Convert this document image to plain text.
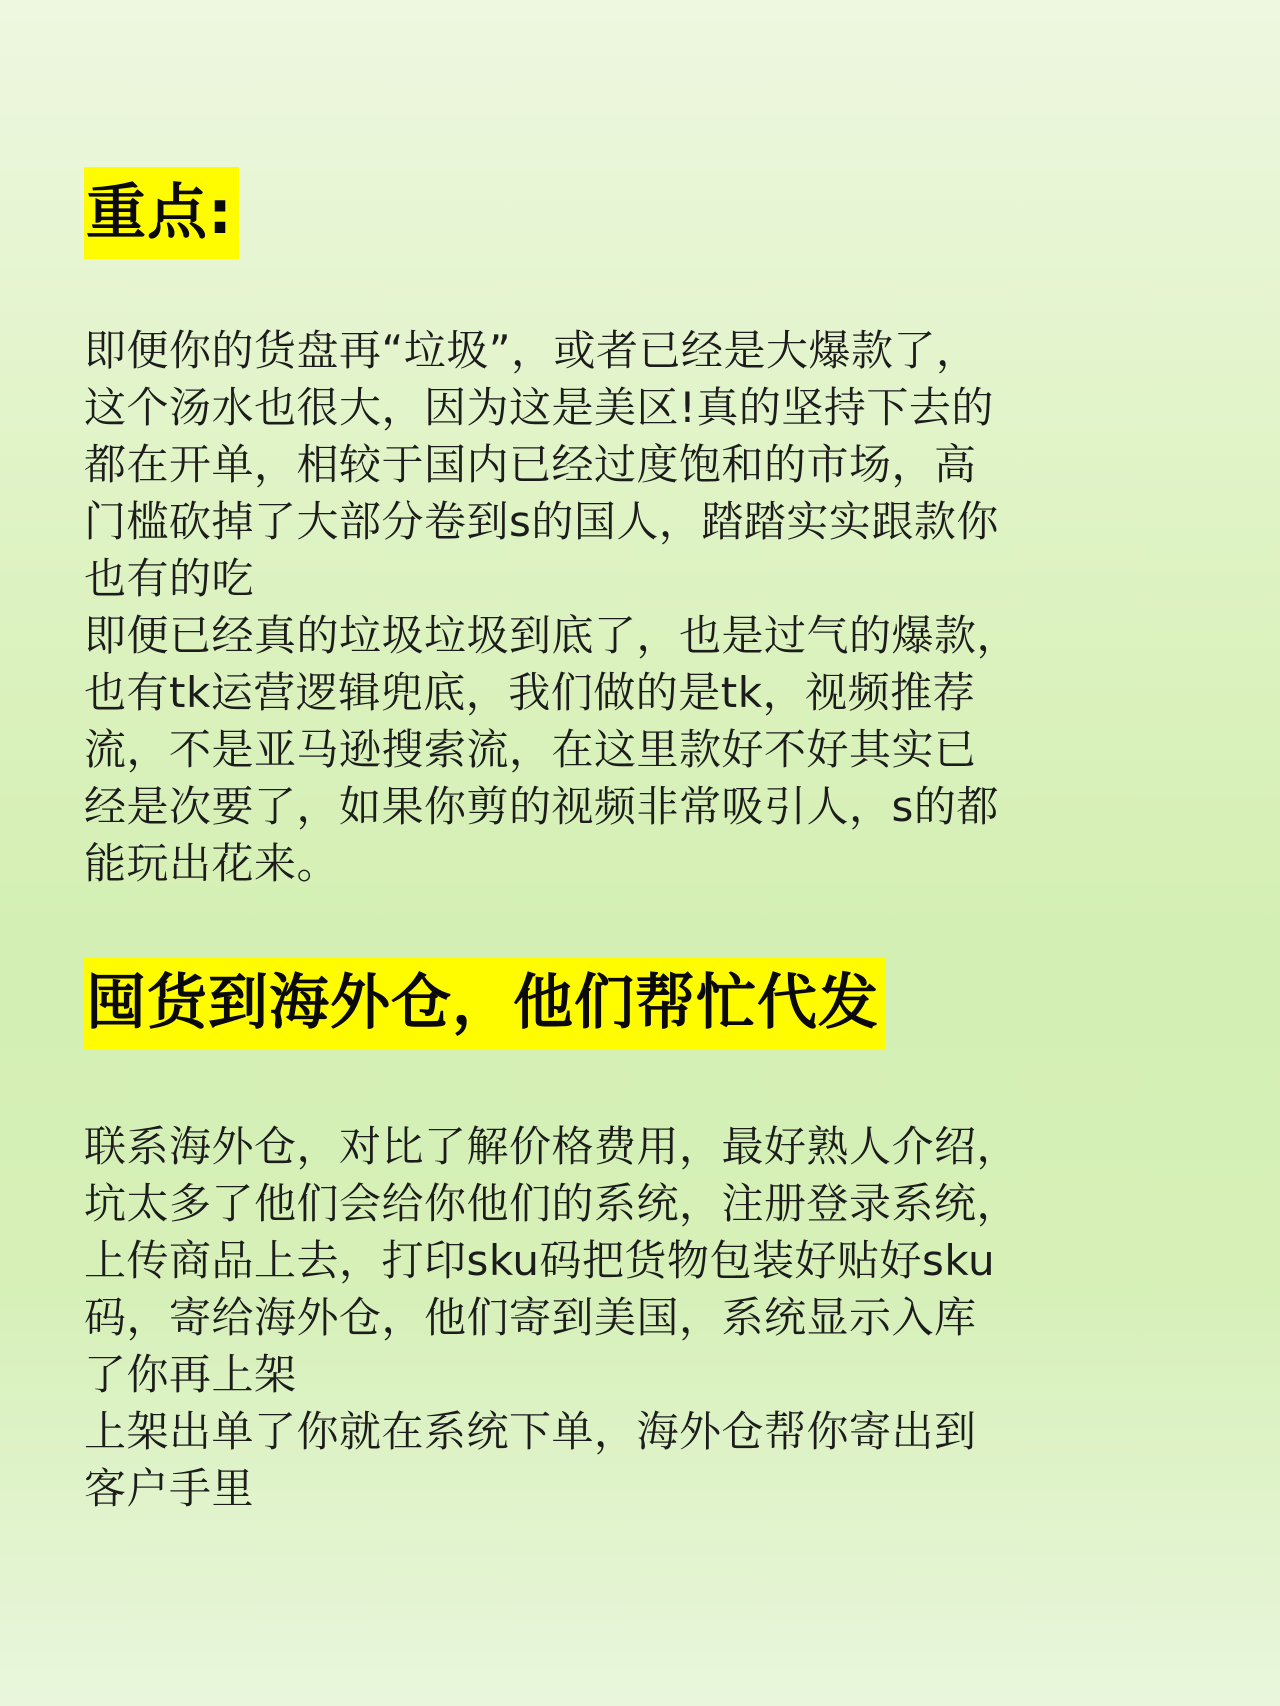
重点:

即便你的货盘再“垃圾”，或者已经是大爆款了，
这个汤水也很大，因为这是美区!真的坚持下去的
都在开单，相较于国内已经过度饱和的市场，高
门槛砍掉了大部分卷到s的国人，踏踏实实跟款你
也有的吃

即便已经真的垃圾垃圾到底了，也是过气的爆款，
也有tk运营逻辑兜底，我们做的是tk，视频推荐
流，不是亚马逊搜索流，在这里款好不好其实已
经是次要了，如果你剪的视频非常吸引人，s的都
能玩出花来。

囤货到海外仓，他们帮忙代发

联系海外仓，对比了解价格费用，最好熟人介绍，
坑太多了他们会给你他们的系统，注册登录系统，
上传商品上去，打印sku码把货物包装好贴好sku
码，寄给海外仓，他们寄到美国，系统显示入库
了你再上架

上架出单了你就在系统下单，海外仓帮你寄出到
客户手里
